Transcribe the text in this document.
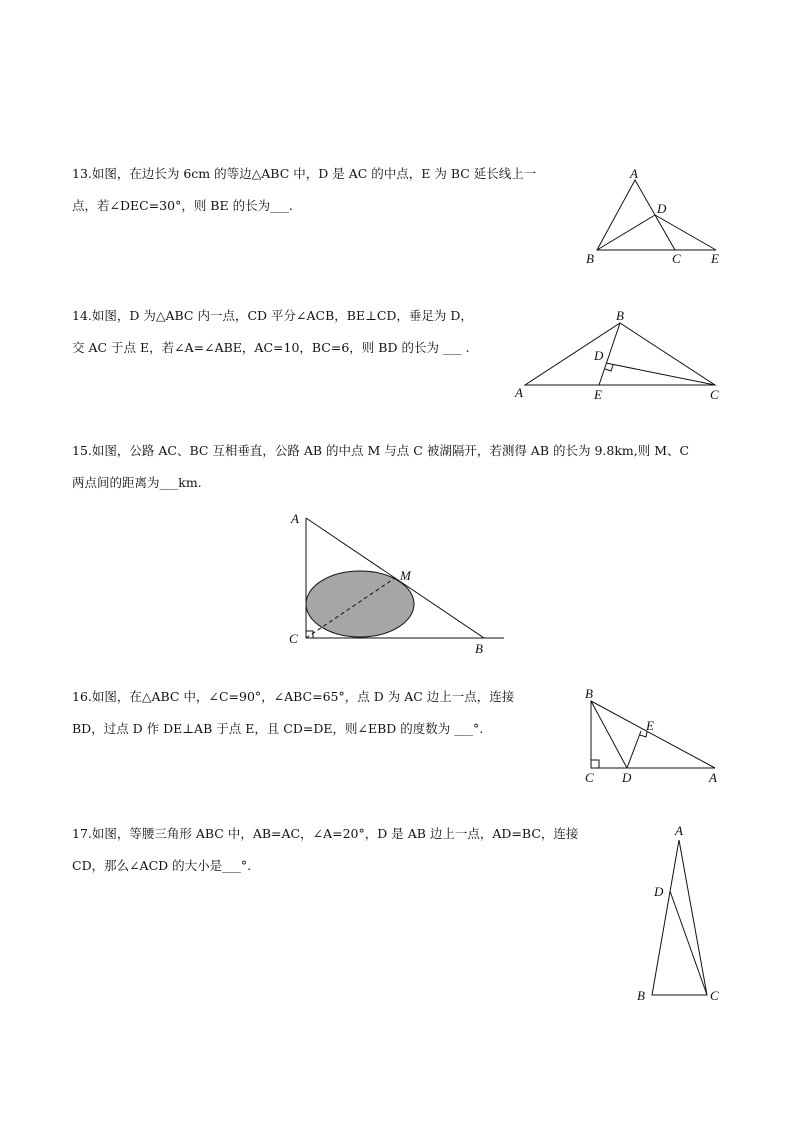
13.如图，在边长为 6cm 的等边△ABC 中，D 是 AC 的中点，E 为 BC 延长线上一
点，若∠DEC=30°，则 BE 的长为___.
A
D
B	C E
14.如图，D 为△ABC 内一点，CD 平分∠ACB，BE⊥CD，垂足为 D，
交 AC 于点 E，若∠A=∠ABE，AC=10，BC=6，则 BD 的长为 ___ .
B
D
A	E	C
15.如图，公路 AC、BC 互相垂直，公路 AB 的中点 M 与点 C 被湖隔开，若测得 AB 的长为 9.8km,则 M、C
两点间的距离为___km.
A
M
C
B
16.如图，在△ABC 中，∠C=90°，∠ABC=65°，点 D 为 AC 边上一点，连接
BD，过点 D 作 DE⊥AB 于点 E，且 CD=DE，则∠EBD 的度数为 ___°.
B
E
C D	A
17.如图，等腰三角形 ABC 中，AB=AC，∠A=20°，D 是 AB 边上一点，AD=BC，连接
CD，那么∠ACD 的大小是___°.
A
D
B	C
